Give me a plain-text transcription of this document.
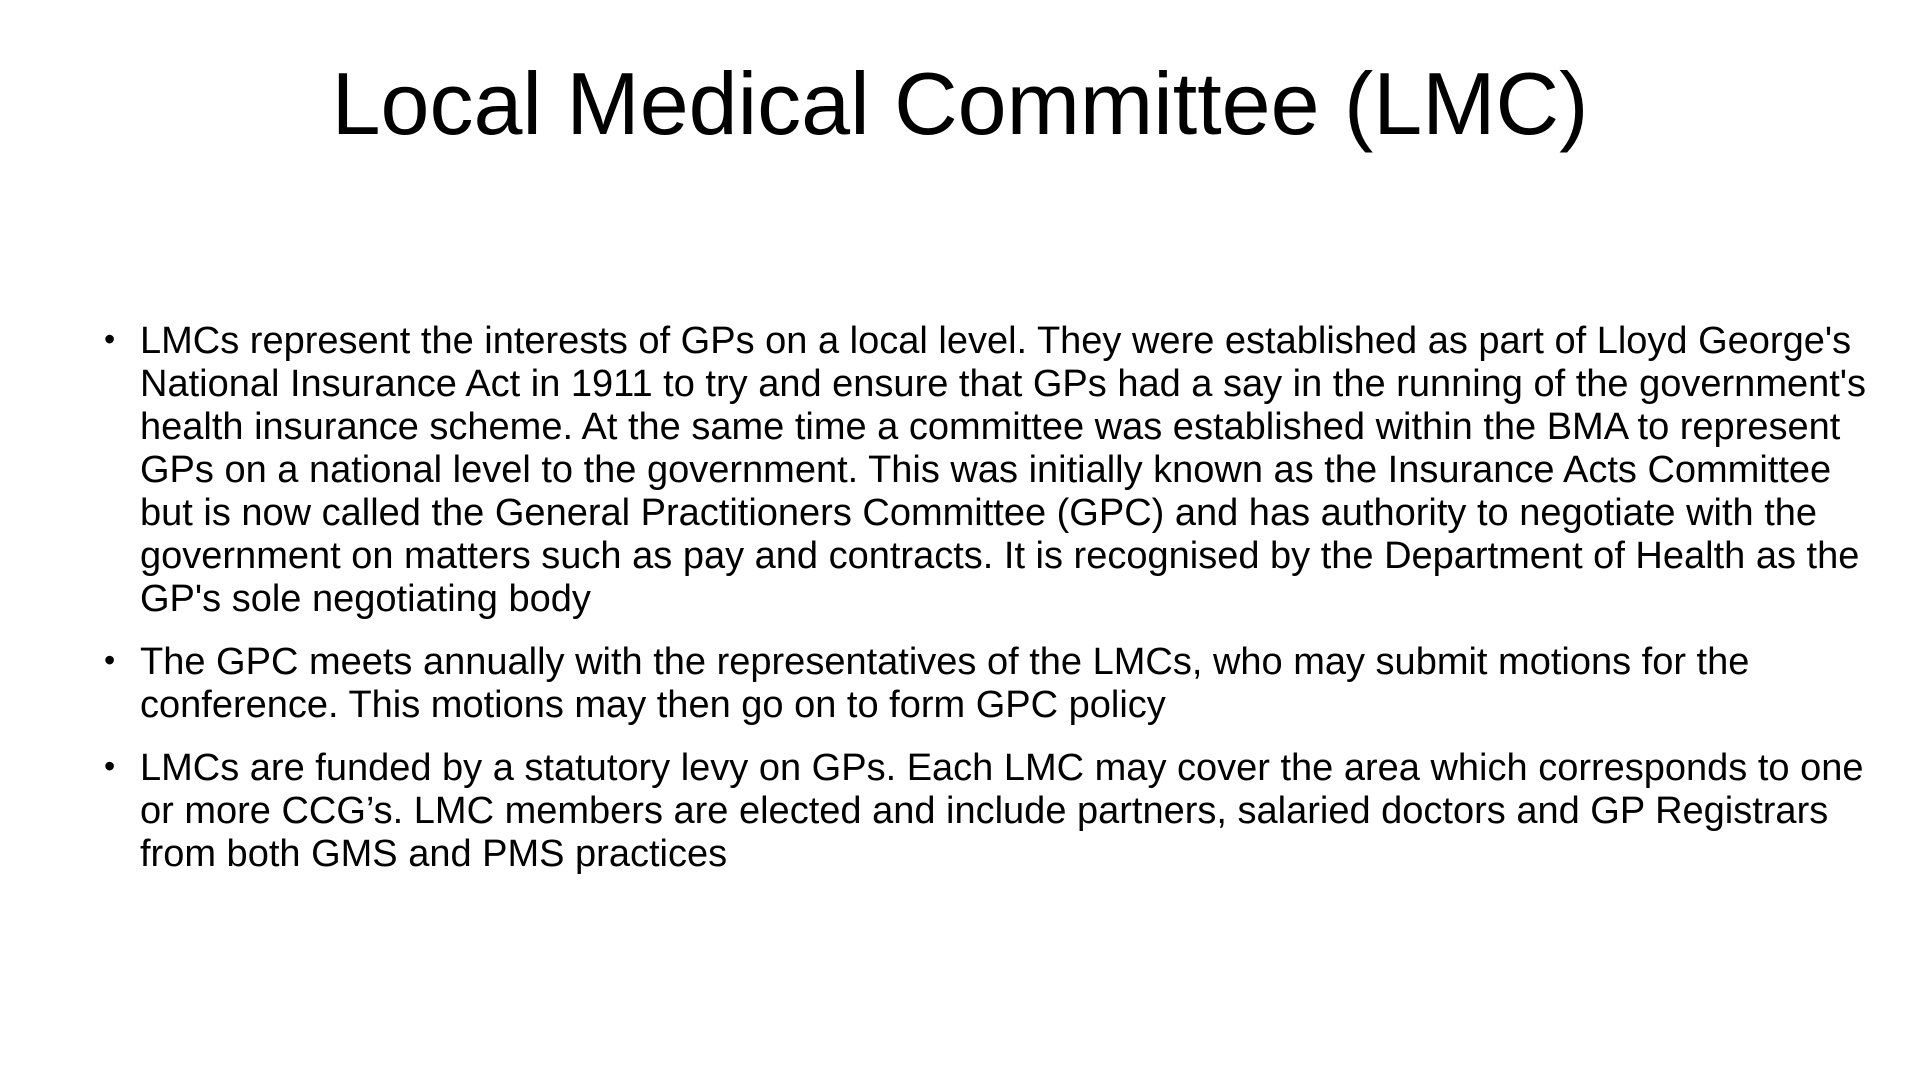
Local Medical Committee (LMC)
• LMCs represent the interests of GPs on a local level. They were established as part of Lloyd George's National Insurance Act in 1911 to try and ensure that GPs had a say in the running of the government's health insurance scheme. At the same time a committee was established within the BMA to represent GPs on a national level to the government. This was initially known as the Insurance Acts Committee but is now called the General Practitioners Committee (GPC) and has authority to negotiate with the government on matters such as pay and contracts. It is recognised by the Department of Health as the GP's sole negotiating body
• The GPC meets annually with the representatives of the LMCs, who may submit motions for the conference. This motions may then go on to form GPC policy
• LMCs are funded by a statutory levy on GPs. Each LMC may cover the area which corresponds to one or more CCG’s. LMC members are elected and include partners, salaried doctors and GP Registrars from both GMS and PMS practices
